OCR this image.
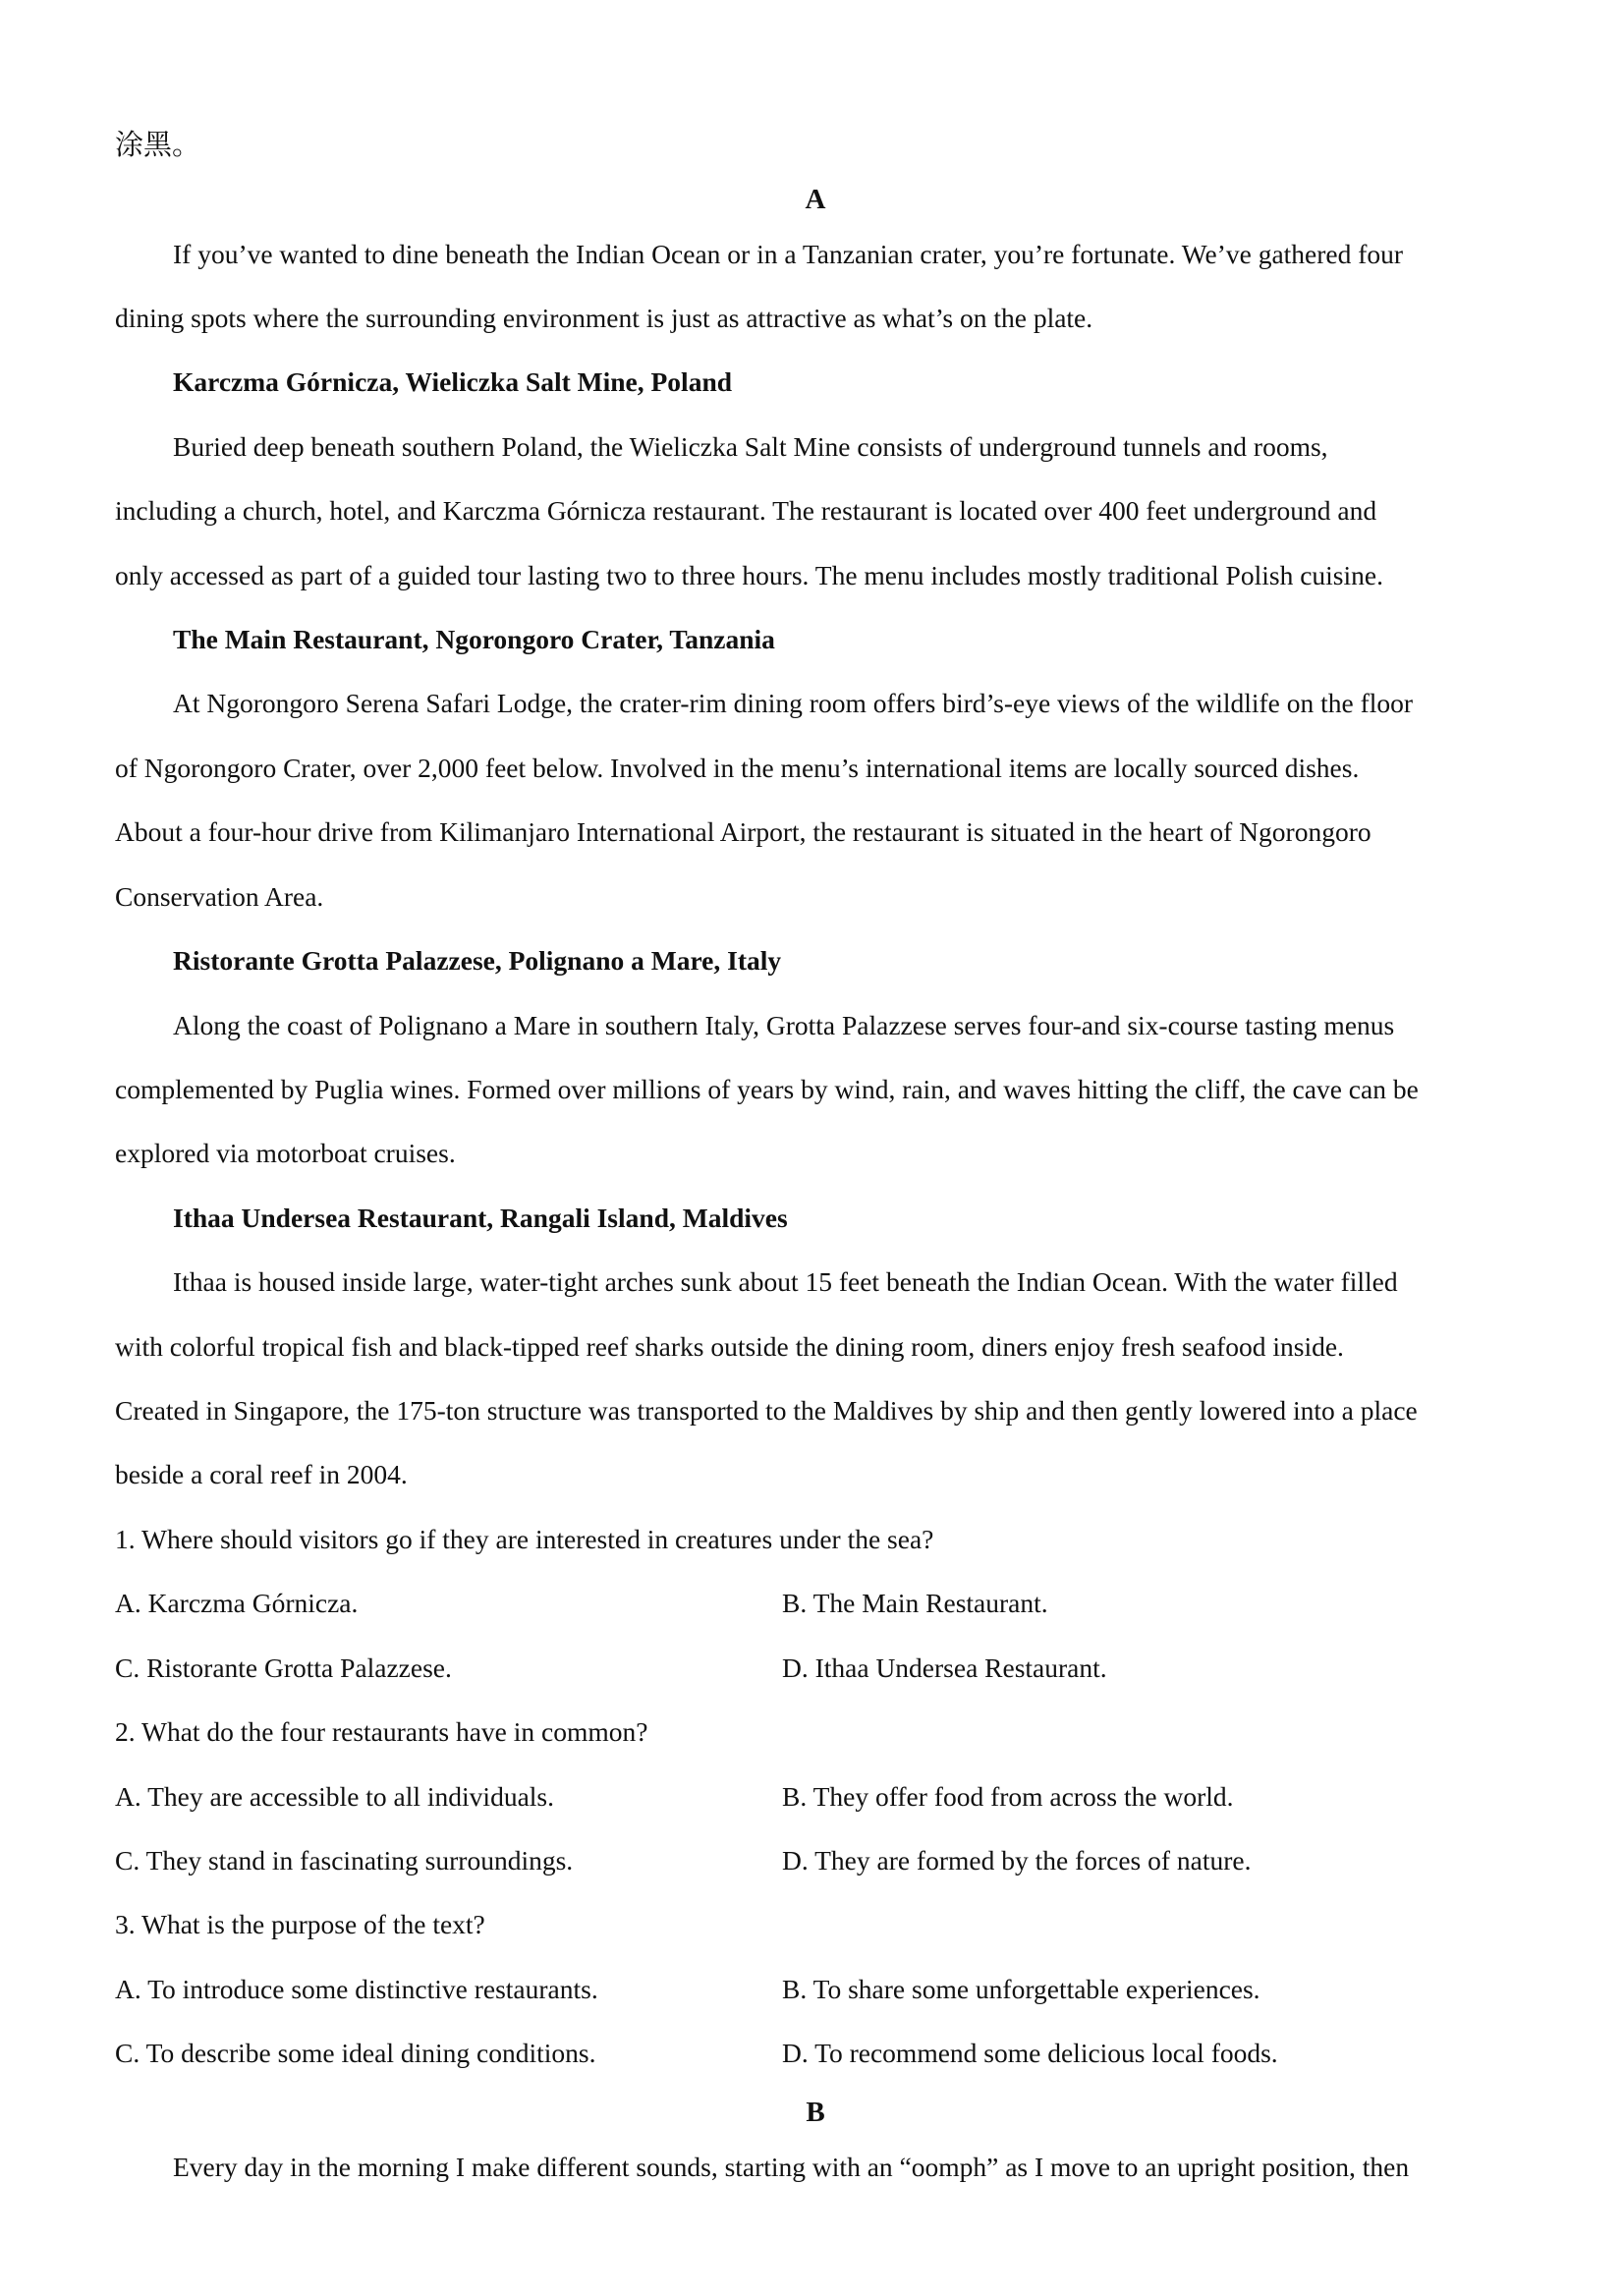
涂黑。
A
If you’ve wanted to dine beneath the Indian Ocean or in a Tanzanian crater, you’re fortunate. We’ve gathered four
dining spots where the surrounding environment is just as attractive as what’s on the plate.
Karczma Górnicza, Wieliczka Salt Mine, Poland
Buried deep beneath southern Poland, the Wieliczka Salt Mine consists of underground tunnels and rooms,
including a church, hotel, and Karczma Górnicza restaurant. The restaurant is located over 400 feet underground and
only accessed as part of a guided tour lasting two to three hours. The menu includes mostly traditional Polish cuisine.
The Main Restaurant, Ngorongoro Crater, Tanzania
At Ngorongoro Serena Safari Lodge, the crater-rim dining room offers bird’s-eye views of the wildlife on the floor
of Ngorongoro Crater, over 2,000 feet below. Involved in the menu’s international items are locally sourced dishes.
About a four-hour drive from Kilimanjaro International Airport, the restaurant is situated in the heart of Ngorongoro
Conservation Area.
Ristorante Grotta Palazzese, Polignano a Mare, Italy
Along the coast of Polignano a Mare in southern Italy, Grotta Palazzese serves four-and six-course tasting menus
complemented by Puglia wines. Formed over millions of years by wind, rain, and waves hitting the cliff, the cave can be
explored via motorboat cruises.
Ithaa Undersea Restaurant, Rangali Island, Maldives
Ithaa is housed inside large, water-tight arches sunk about 15 feet beneath the Indian Ocean. With the water filled
with colorful tropical fish and black-tipped reef sharks outside the dining room, diners enjoy fresh seafood inside.
Created in Singapore, the 175-ton structure was transported to the Maldives by ship and then gently lowered into a place
beside a coral reef in 2004.
1. Where should visitors go if they are interested in creatures under the sea?
A. Karczma Górnicza.	B. The Main Restaurant.
C. Ristorante Grotta Palazzese.	D. Ithaa Undersea Restaurant.
2. What do the four restaurants have in common?
A. They are accessible to all individuals.	B. They offer food from across the world.
C. They stand in fascinating surroundings.	D. They are formed by the forces of nature.
3. What is the purpose of the text?
A. To introduce some distinctive restaurants.	B. To share some unforgettable experiences.
C. To describe some ideal dining conditions.	D. To recommend some delicious local foods.
B
Every day in the morning I make different sounds, starting with an “oomph” as I move to an upright position, then
